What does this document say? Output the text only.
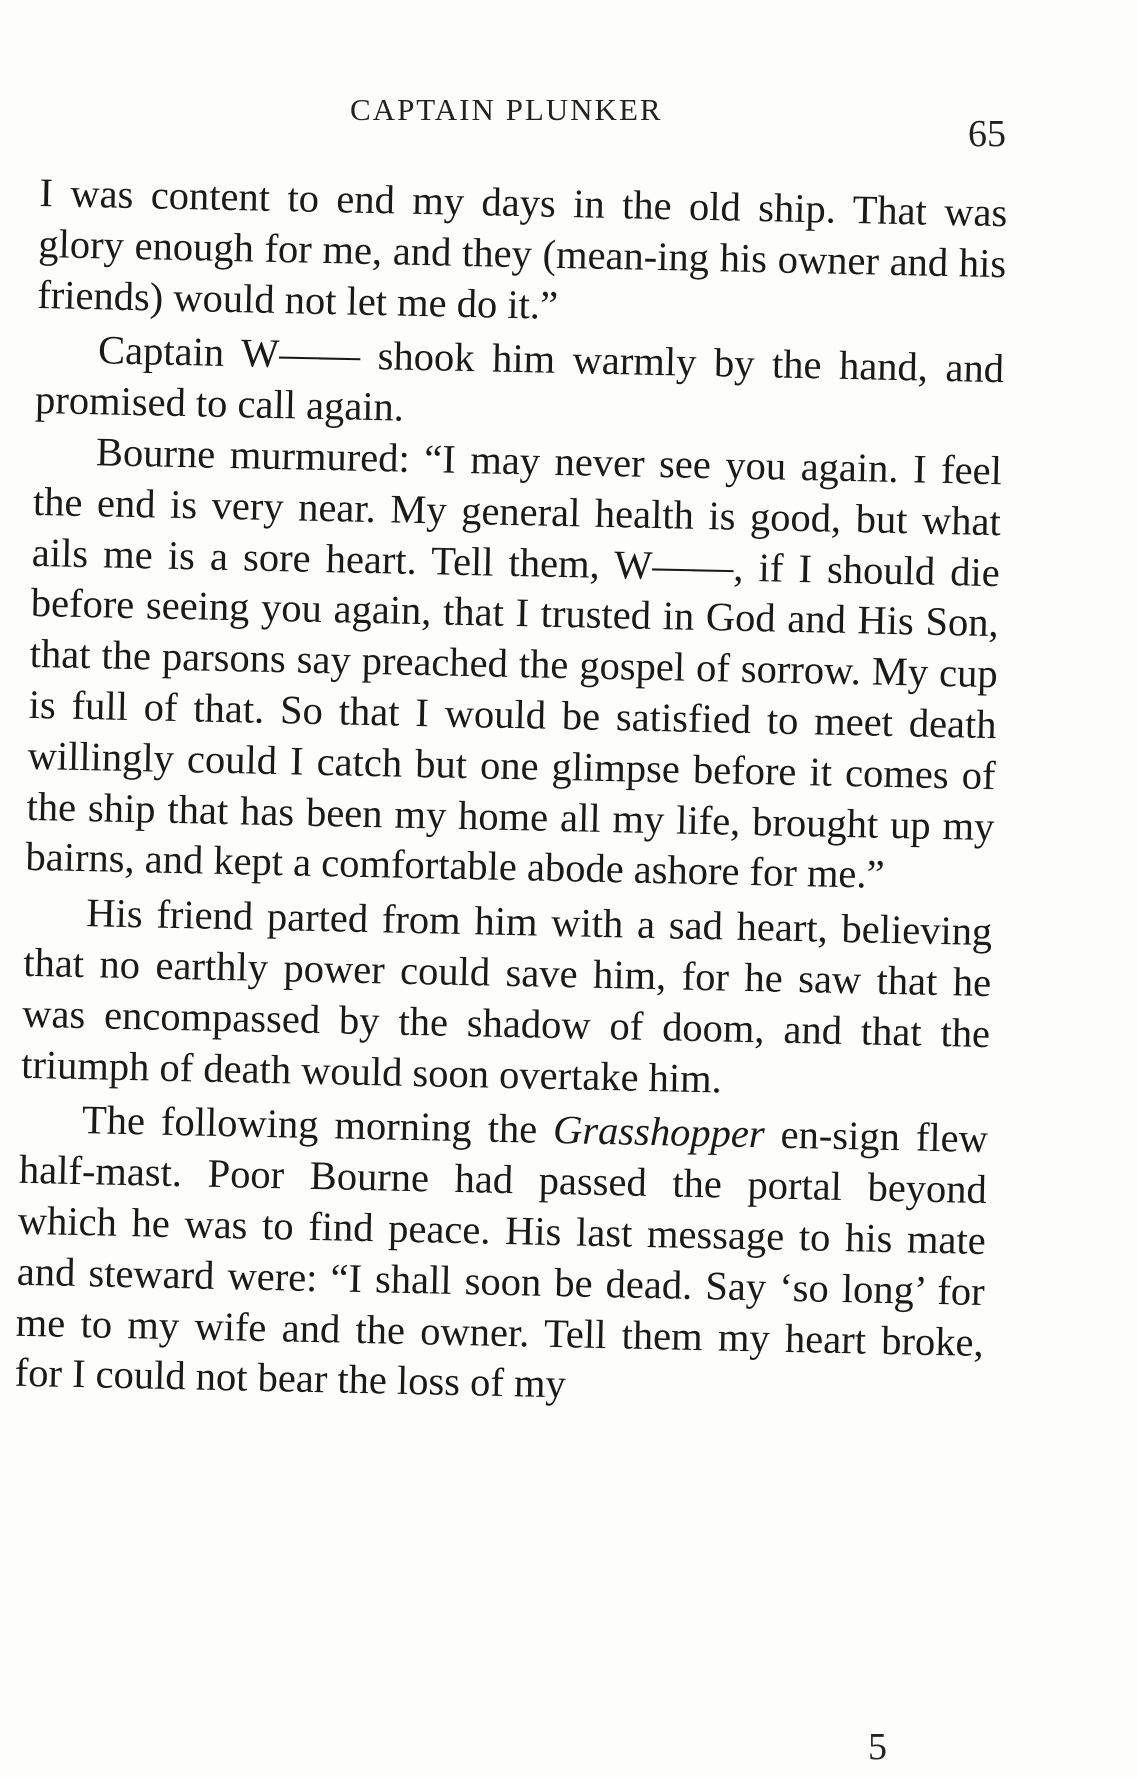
CAPTAIN PLUNKER
65

I was content to end my days in the old ship. That was glory enough for me, and they (mean-ing his owner and his friends) would not let me do it.”

Captain W—— shook him warmly by the hand, and promised to call again.

Bourne murmured: “I may never see you again. I feel the end is very near. My general health is good, but what ails me is a sore heart. Tell them, W——, if I should die before seeing you again, that I trusted in God and His Son, that the parsons say preached the gospel of sorrow. My cup is full of that. So that I would be satisfied to meet death willingly could I catch but one glimpse before it comes of the ship that has been my home all my life, brought up my bairns, and kept a comfortable abode ashore for me.”

His friend parted from him with a sad heart, believing that no earthly power could save him, for he saw that he was encompassed by the shadow of doom, and that the triumph of death would soon overtake him.

The following morning the Grasshopper en-sign flew half-mast. Poor Bourne had passed the portal beyond which he was to find peace. His last message to his mate and steward were: “I shall soon be dead. Say ‘so long’ for me to my wife and the owner. Tell them my heart broke, for I could not bear the loss of my

5
